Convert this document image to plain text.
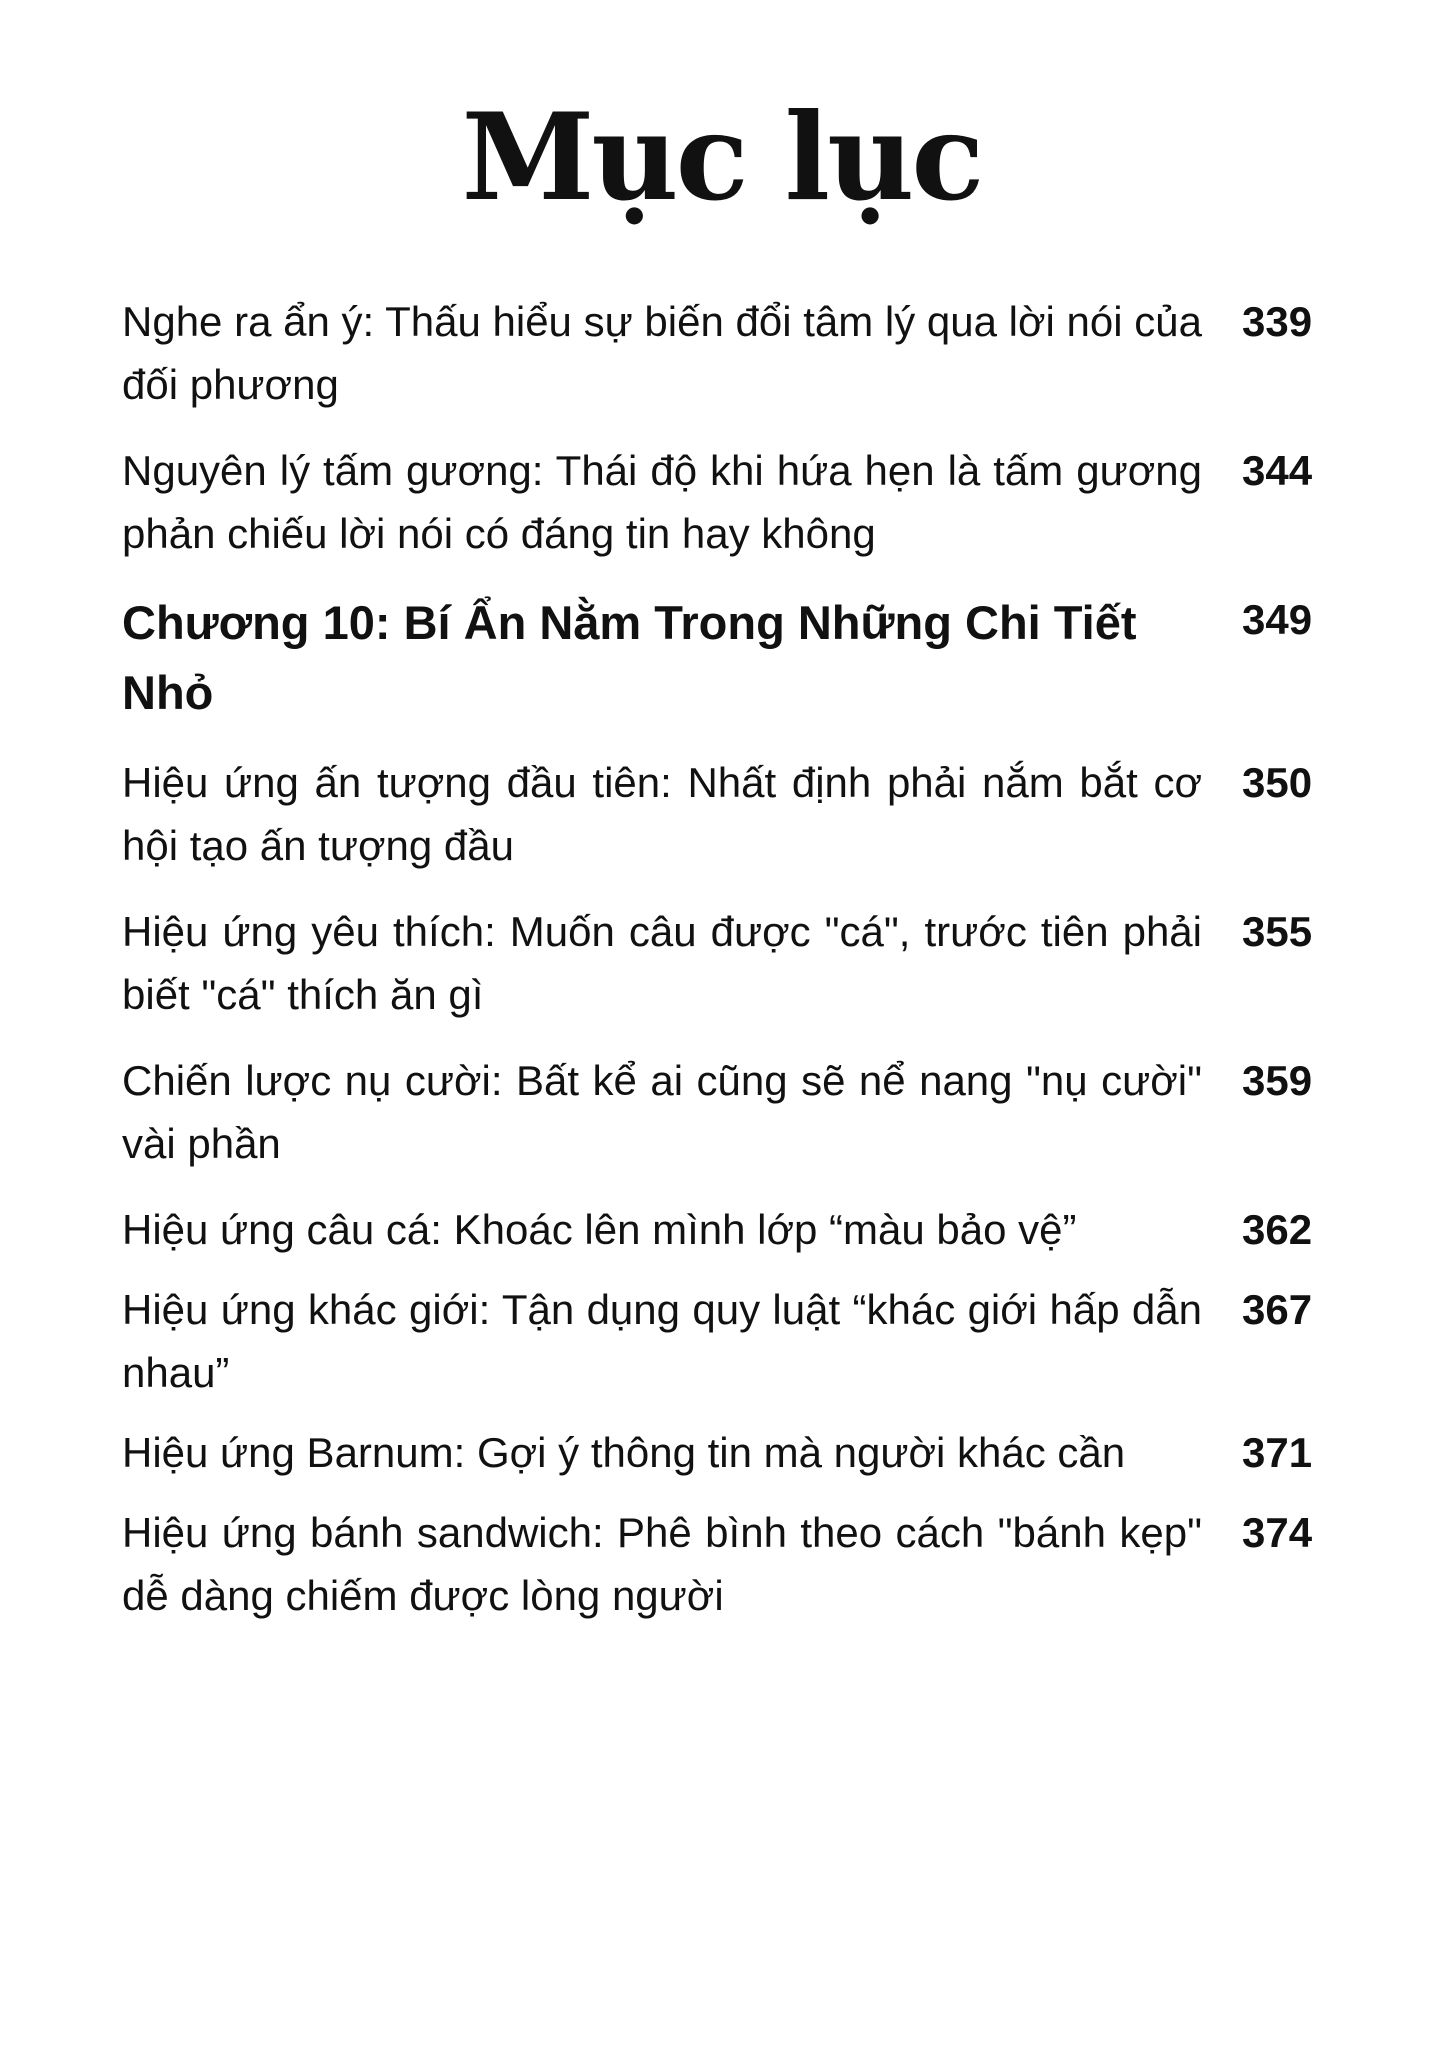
Mục lục

Nghe ra ẩn ý: Thấu hiểu sự biến đổi tâm lý qua lời nói của đối phương

339

Nguyên lý tấm gương: Thái độ khi hứa hẹn là tấm gương phản chiếu lời nói có đáng tin hay không

344

Chương 10: Bí Ẩn Nằm Trong Những Chi Tiết Nhỏ

349

Hiệu ứng ấn tượng đầu tiên: Nhất định phải nắm bắt cơ hội tạo ấn tượng đầu

350

Hiệu ứng yêu thích: Muốn câu được "cá", trước tiên phải biết "cá" thích ăn gì

355

Chiến lược nụ cười: Bất kể ai cũng sẽ nể nang "nụ cười" vài phần

359

Hiệu ứng câu cá: Khoác lên mình lớp “màu bảo vệ”	362

Hiệu ứng khác giới: Tận dụng quy luật “khác giới hấp dẫn nhau”

367

Hiệu ứng Barnum: Gợi ý thông tin mà người khác cần	371

Hiệu ứng bánh sandwich: Phê bình theo cách "bánh kẹp" dễ dàng chiếm được lòng người

374
